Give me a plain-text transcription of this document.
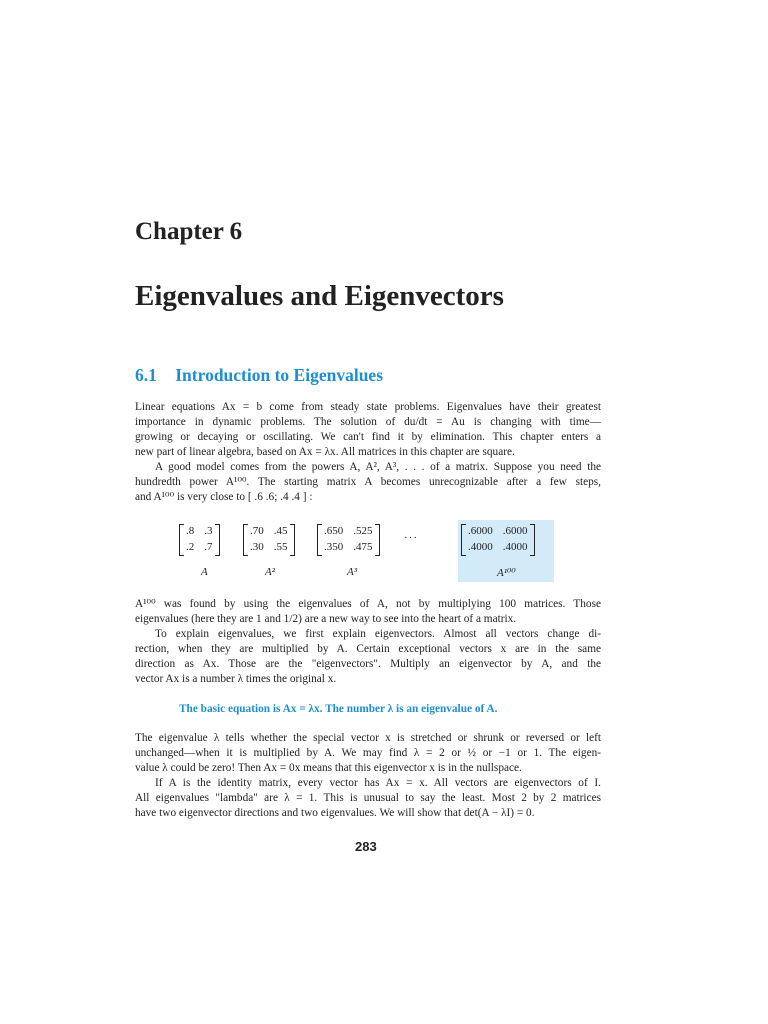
Chapter 6
Eigenvalues and Eigenvectors
6.1 Introduction to Eigenvalues
Linear equations Ax = b come from steady state problems. Eigenvalues have their greatest
importance in dynamic problems. The solution of du/dt = Au is changing with time—
growing or decaying or oscillating. We can't find it by elimination. This chapter enters a
new part of linear algebra, based on Ax = λx. All matrices in this chapter are square.
A good model comes from the powers A, A², A³, . . . of a matrix. Suppose you need the
hundredth power A¹⁰⁰. The starting matrix A becomes unrecognizable after a few steps,
and A¹⁰⁰ is very close to [ .6 .6; .4 .4 ] :
.8 .3
.2 .7
A
.70 .45
.30 .55
A²
.650 .525
.350 .475
A³
···
.6000 .6000
.4000 .4000
A¹⁰⁰
A¹⁰⁰ was found by using the eigenvalues of A, not by multiplying 100 matrices. Those
eigenvalues (here they are 1 and 1/2) are a new way to see into the heart of a matrix.
To explain eigenvalues, we first explain eigenvectors. Almost all vectors change di-
rection, when they are multiplied by A. Certain exceptional vectors x are in the same
direction as Ax. Those are the "eigenvectors". Multiply an eigenvector by A, and the
vector Ax is a number λ times the original x.
The basic equation is Ax = λx. The number λ is an eigenvalue of A.
The eigenvalue λ tells whether the special vector x is stretched or shrunk or reversed or left
unchanged—when it is multiplied by A. We may find λ = 2 or ½ or −1 or 1. The eigen-
value λ could be zero! Then Ax = 0x means that this eigenvector x is in the nullspace.
If A is the identity matrix, every vector has Ax = x. All vectors are eigenvectors of I.
All eigenvalues "lambda" are λ = 1. This is unusual to say the least. Most 2 by 2 matrices
have two eigenvector directions and two eigenvalues. We will show that det(A − λI) = 0.
283
